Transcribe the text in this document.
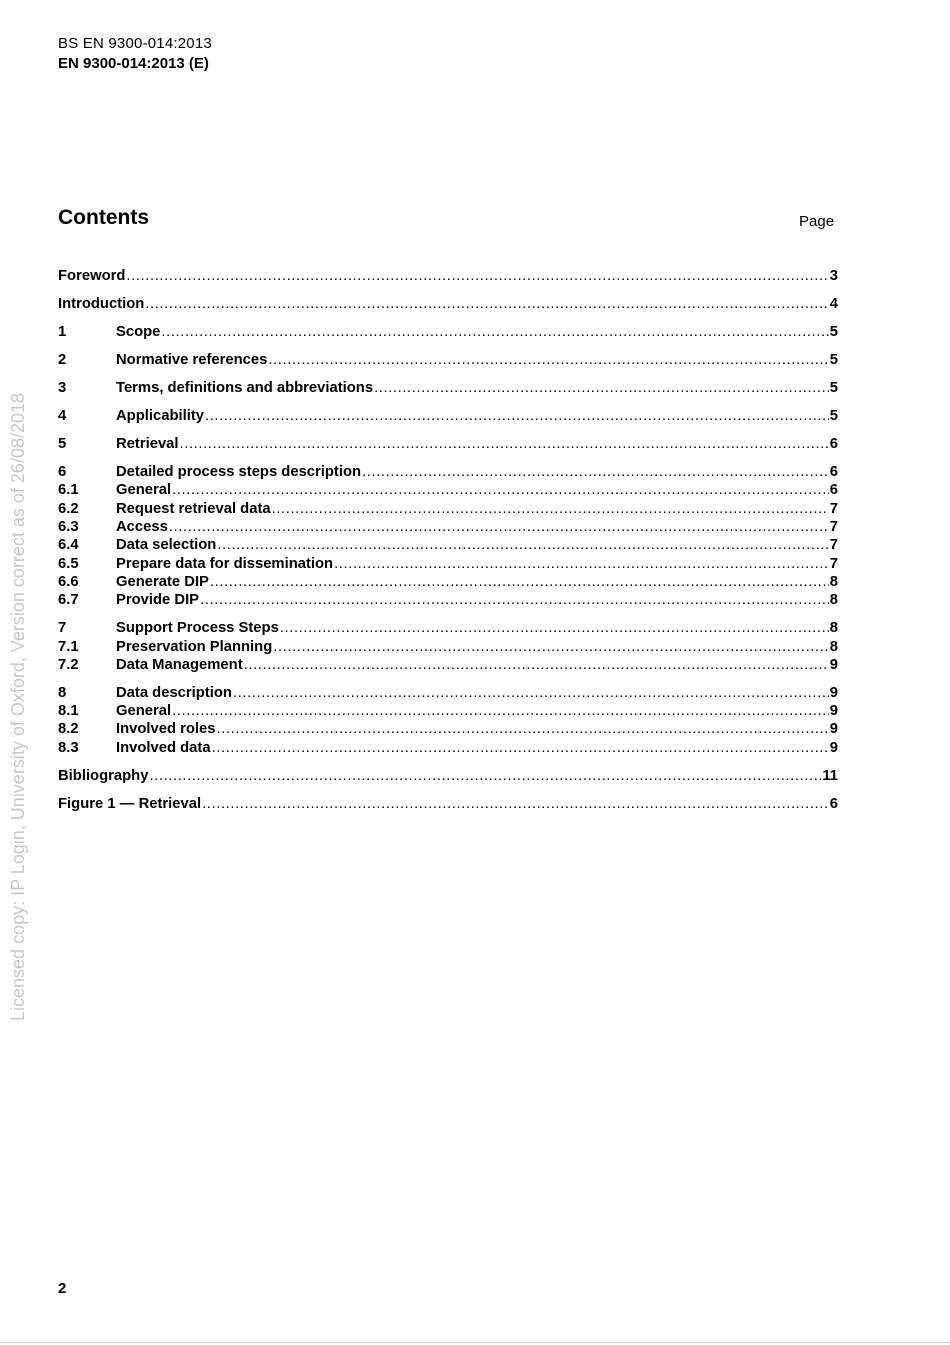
BS EN 9300-014:2013
EN 9300-014:2013 (E)
Licensed copy: IP Login, University of Oxford, Version correct as of 26/08/2018
Contents	Page
Foreword .....	3
Introduction .....	4
1	Scope .....	5
2	Normative references .....	5
3	Terms, definitions and abbreviations .....	5
4	Applicability .....	5
5	Retrieval .....	6
6	Detailed process steps description .....	6
6.1	General .....	6
6.2	Request retrieval data .....	7
6.3	Access .....	7
6.4	Data selection .....	7
6.5	Prepare data for dissemination .....	7
6.6	Generate DIP .....	8
6.7	Provide DIP .....	8
7	Support Process Steps .....	8
7.1	Preservation Planning .....	8
7.2	Data Management .....	9
8	Data description .....	9
8.1	General .....	9
8.2	Involved roles .....	9
8.3	Involved data .....	9
Bibliography .....	11
Figure 1 — Retrieval .....	6
2
